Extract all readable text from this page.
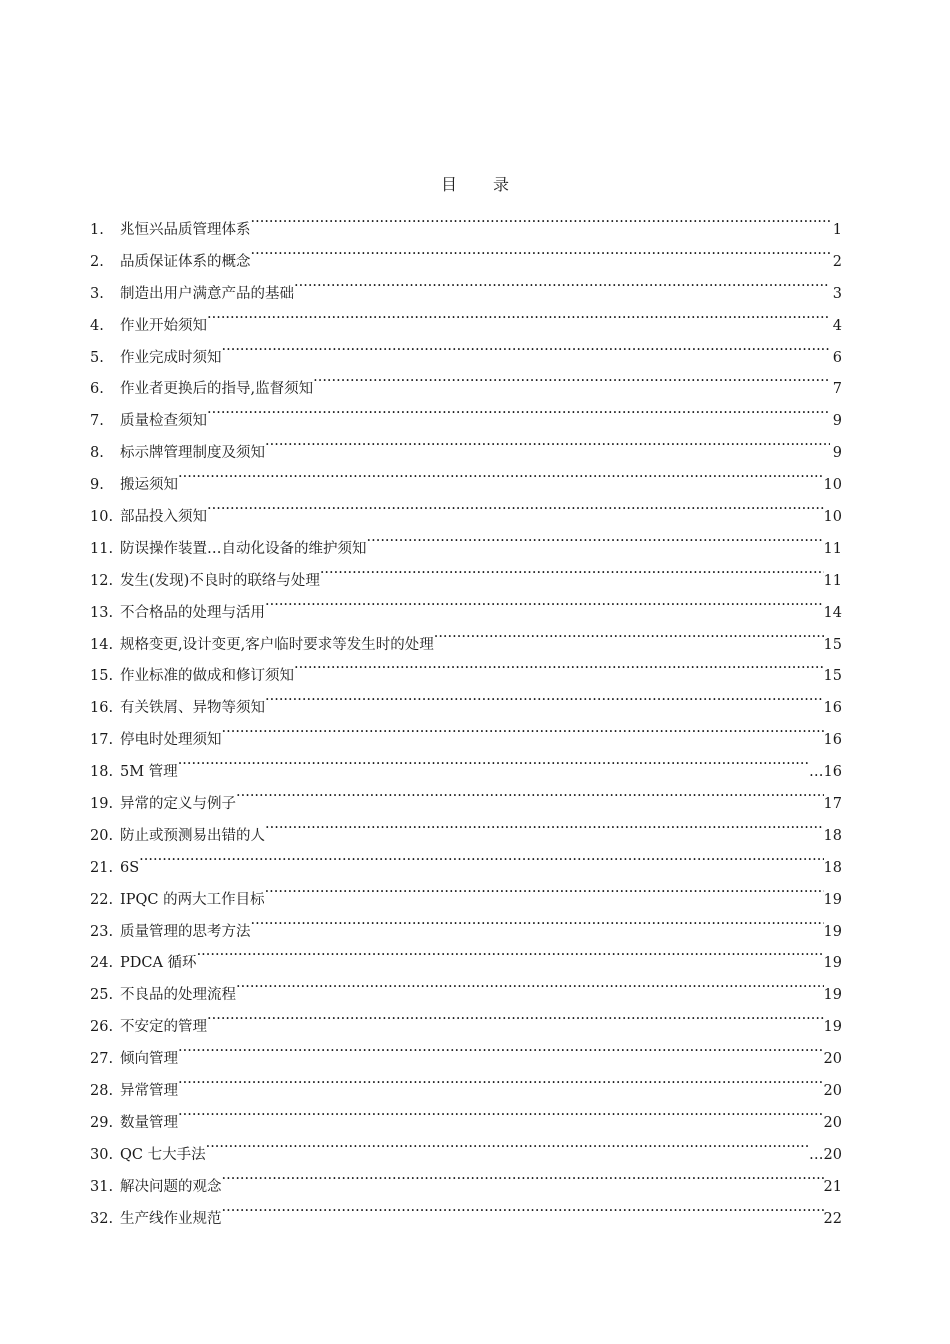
目 录
1.	兆恒兴品质管理体系 ·····	1
2.	品质保证体系的概念 ·····	2
3.	制造出用户满意产品的基础 ·····	3
4.	作业开始须知 ·····	4
5.	作业完成时须知 ·····	6
6.	作业者更换后的指导,监督须知 ·····	7
7.	质量检查须知 ·····	9
8.	标示牌管理制度及须知 ·····	9
9.	搬运须知 ·····	10
10. 部品投入须知 ·····	10
11. 防误操作装置…自动化设备的维护须知 ·····	11
12. 发生(发现)不良时的联络与处理 ·····	11
13. 不合格品的处理与活用 ·····	14
14. 规格变更,设计变更,客户临时要求等发生时的处理 ·····	15
15. 作业标准的做成和修订须知 ·····	15
16. 有关铁屑、异物等须知 ·····	16
17. 停电时处理须知 ·····	16
18. 5M 管理 ·····	…16
19. 异常的定义与例子 ·····	17
20. 防止或预测易出错的人 ·····	18
21. 6S ·····	18
22. IPQC 的两大工作目标 ·····	19
23. 质量管理的思考方法 ·····	19
24. PDCA 循环 ·····	19
25. 不良品的处理流程 ·····	19
26. 不安定的管理 ·····	19
27. 倾向管理 ·····	20
28. 异常管理 ·····	20
29. 数量管理 ·····	20
30. QC 七大手法 ·····	…20
31. 解决问题的观念 ·····	21
32. 生产线作业规范 ·····	22
